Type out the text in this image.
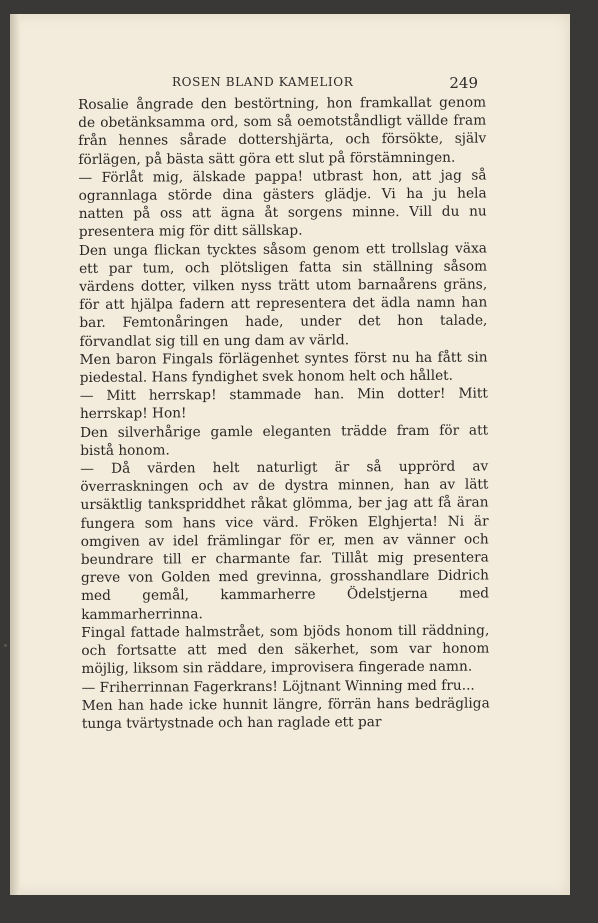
ROSEN BLAND KAMELIOR	249

Rosalie ångrade den bestörtning, hon framkallat genom de obetänksamma ord, som så oemotståndligt vällde fram från hennes sårade dottershjärta, och försökte, själv förlägen, på bästa sätt göra ett slut på förstämningen.

— Förlåt mig, älskade pappa! utbrast hon, att jag så ogrannlaga störde dina gästers glädje. Vi ha ju hela natten på oss att ägna åt sorgens minne. Vill du nu presentera mig för ditt sällskap.

Den unga flickan tycktes såsom genom ett trollslag växa ett par tum, och plötsligen fatta sin ställning såsom värdens dotter, vilken nyss trätt utom barnaårens gräns, för att hjälpa fadern att representera det ädla namn han bar. Femtonåringen hade, under det hon talade, förvandlat sig till en ung dam av värld.

Men baron Fingals förlägenhet syntes först nu ha fått sin piedestal. Hans fyndighet svek honom helt och hållet.

— Mitt herrskap! stammade han. Min dotter! Mitt herrskap! Hon!

Den silverhårige gamle eleganten trädde fram för att bistå honom.

— Då värden helt naturligt är så upprörd av överraskningen och av de dystra minnen, han av lätt ursäktlig tankspriddhet råkat glömma, ber jag att få äran fungera som hans vice värd. Fröken Elghjerta! Ni är omgiven av idel främlingar för er, men av vänner och beundrare till er charmante far. Tillåt mig presentera greve von Golden med grevinna, grosshandlare Didrich med gemål, kammarherre Ödelstjerna med kammarherrinna.

Fingal fattade halmstrået, som bjöds honom till räddning, och fortsatte att med den säkerhet, som var honom möjlig, liksom sin räddare, improvisera fingerade namn.

— Friherrinnan Fagerkrans! Löjtnant Winning med fru...

Men han hade icke hunnit längre, förrän hans bedrägliga tunga tvärtystnade och han raglade ett par
